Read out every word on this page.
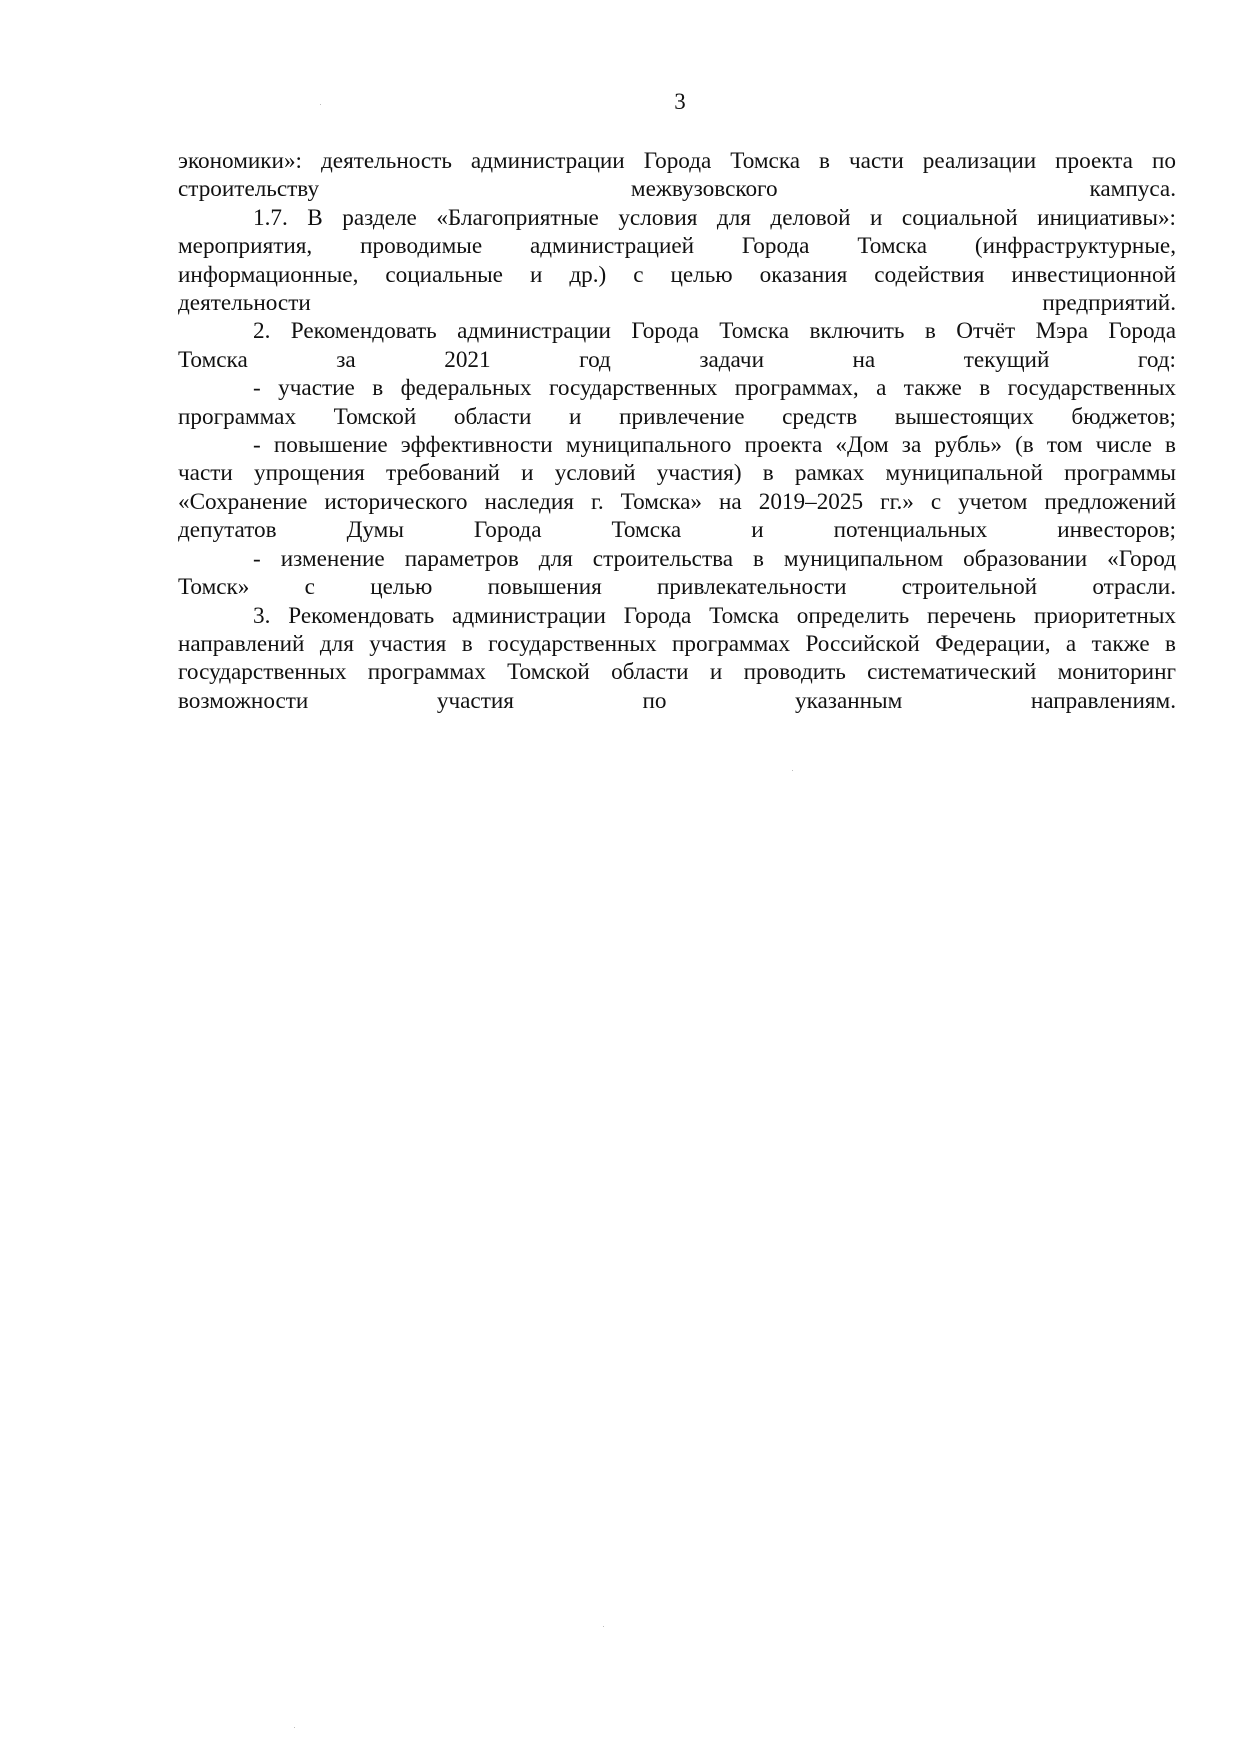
3

экономики»: деятельность администрации Города Томска в части реализации проекта по
строительству межвузовского кампуса.

1.7. В разделе «Благоприятные условия для деловой и социальной инициативы»:
мероприятия, проводимые администрацией Города Томска (инфраструктурные,
информационные, социальные и др.) с целью оказания содействия инвестиционной
деятельности предприятий.

2. Рекомендовать администрации Города Томска включить в Отчёт Мэра Города
Томска за 2021 год задачи на текущий год:

- участие в федеральных государственных программах, а также в государственных
программах Томской области и привлечение средств вышестоящих бюджетов;

- повышение эффективности муниципального проекта «Дом за рубль» (в том числе в
части упрощения требований и условий участия) в рамках муниципальной программы
«Сохранение исторического наследия г. Томска» на 2019–2025 гг.» с учетом предложений
депутатов Думы Города Томска и потенциальных инвесторов;

- изменение параметров для строительства в муниципальном образовании «Город
Томск» с целью повышения привлекательности строительной отрасли.

3. Рекомендовать администрации Города Томска определить перечень приоритетных
направлений для участия в государственных программах Российской Федерации, а также в
государственных программах Томской области и проводить систематический мониторинг
возможности участия по указанным направлениям.
